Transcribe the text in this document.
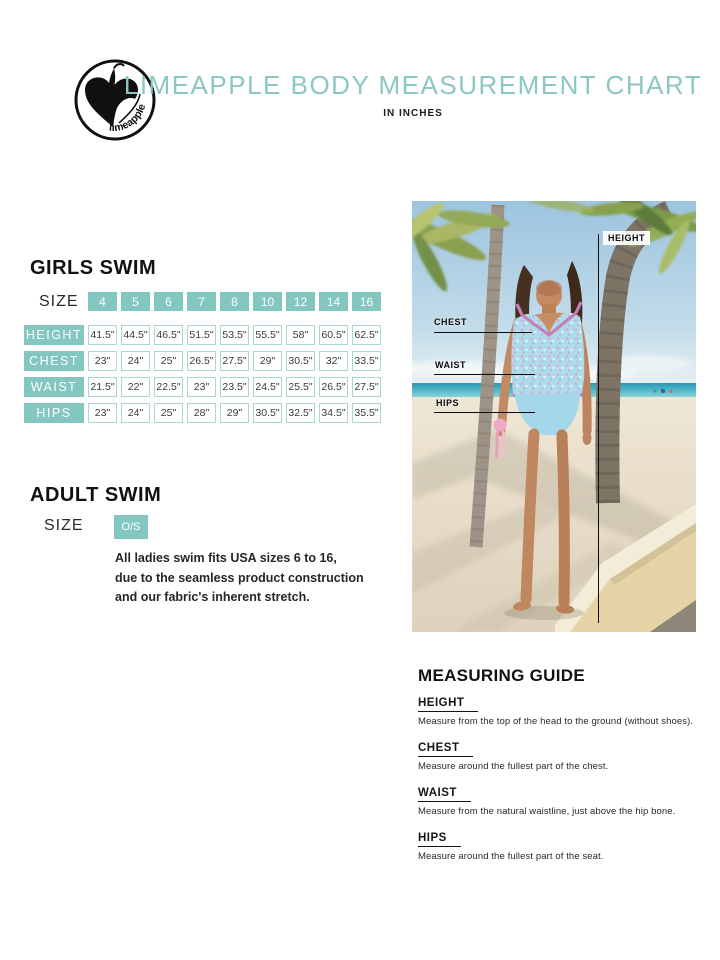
limeapple
LIMEAPPLE BODY MEASUREMENT CHART
IN INCHES
GIRLS SWIM
SIZE	4	5	6	7	8	10	12	14	16
HEIGHT 41.5" 44.5" 46.5" 51.5" 53.5" 55.5"	58"	60.5" 62.5"
CHEST	23"	24"	25"	26.5" 27.5"	29"	30.5"	32"	33.5"
WAIST	21.5"	22"	22.5"	23"	23.5" 24.5" 25.5" 26.5" 27.5"
HIPS	23"	24"	25"	28"	29"	30.5" 32.5" 34.5" 35.5"
ADULT SWIM
SIZE	O/S
All ladies swim fits USA sizes 6 to 16,
due to the seamless product construction
and our fabric's inherent stretch.
HEIGHT
CHEST
WAIST
HIPS
MEASURING GUIDE
HEIGHT
Measure from the top of the head to the ground (without shoes).
CHEST
Measure around the fullest part of the chest.
WAIST
Measure from the natural waistline, just above the hip bone.
HIPS
Measure around the fullest part of the seat.
